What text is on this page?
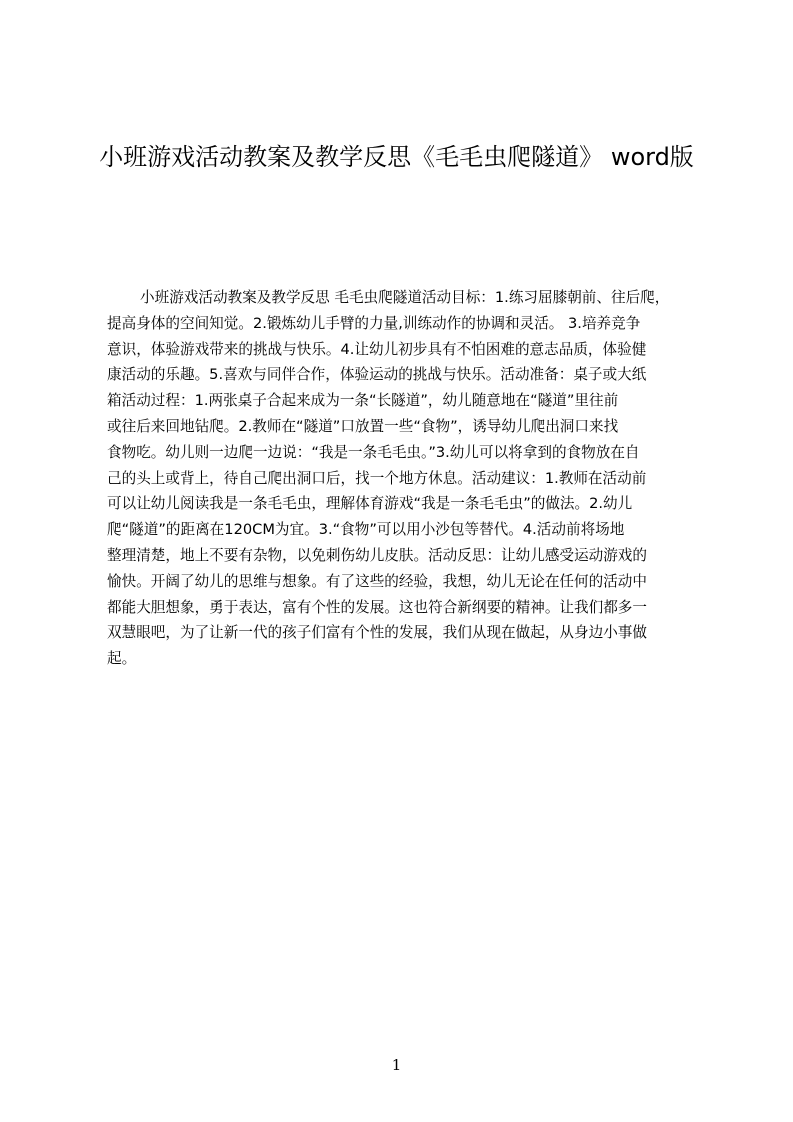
小班游戏活动教案及教学反思《毛毛虫爬隧道》 word版
小班游戏活动教案及教学反思 毛毛虫爬隧道活动目标：1.练习屈膝朝前、往后爬，
提高身体的空间知觉。2.锻炼幼儿手臂的力量,训练动作的协调和灵活。 3.培养竞争
意识，体验游戏带来的挑战与快乐。4.让幼儿初步具有不怕困难的意志品质，体验健
康活动的乐趣。5.喜欢与同伴合作，体验运动的挑战与快乐。活动准备：桌子或大纸
箱活动过程：1.两张桌子合起来成为一条“长隧道”，幼儿随意地在“隧道”里往前
或往后来回地钻爬。2.教师在“隧道”口放置一些“食物”，诱导幼儿爬出洞口来找
食物吃。幼儿则一边爬一边说：“我是一条毛毛虫。”3.幼儿可以将拿到的食物放在自
己的头上或背上，待自己爬出洞口后，找一个地方休息。活动建议：1.教师在活动前
可以让幼儿阅读我是一条毛毛虫，理解体育游戏“我是一条毛毛虫”的做法。2.幼儿
爬“隧道”的距离在120CM为宜。3.“食物”可以用小沙包等替代。4.活动前将场地
整理清楚，地上不要有杂物，以免刺伤幼儿皮肤。活动反思：让幼儿感受运动游戏的
愉快。开阔了幼儿的思维与想象。有了这些的经验，我想，幼儿无论在任何的活动中
都能大胆想象，勇于表达，富有个性的发展。这也符合新纲要的精神。让我们都多一
双慧眼吧，为了让新一代的孩子们富有个性的发展，我们从现在做起，从身边小事做
起。
1
